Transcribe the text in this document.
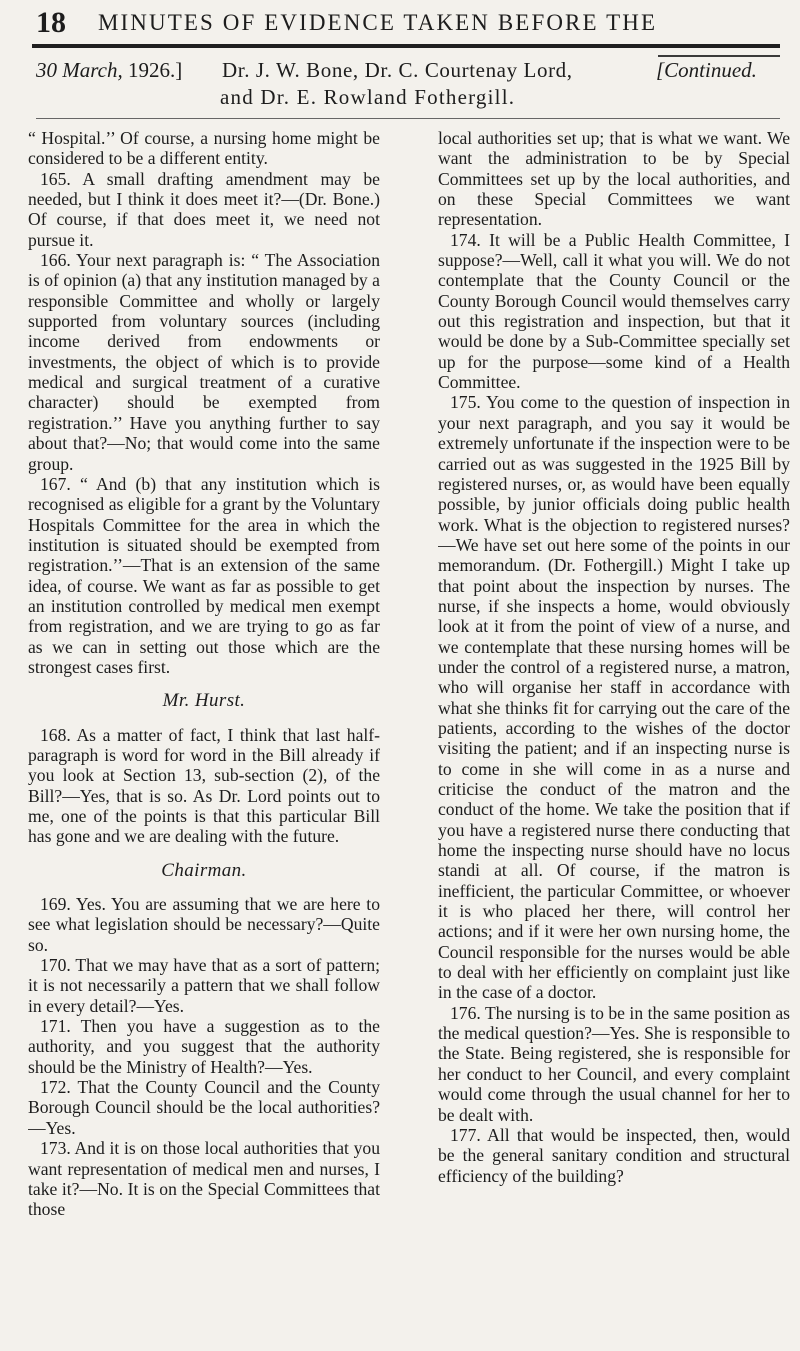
18 MINUTES OF EVIDENCE TAKEN BEFORE THE
30 March, 1926.] Dr. J. W. Bone, Dr. C. Courtenay Lord,	[Continued.
and Dr. E. Rowland Fothergill.

“ Hospital.’’ Of course, a nursing home might be considered to be a different entity.

165. A small drafting amendment may be needed, but I think it does meet it?—(Dr. Bone.) Of course, if that does meet it, we need not pursue it.

166. Your next paragraph is: “ The Association is of opinion (a) that any institution managed by a responsible Committee and wholly or largely supported from voluntary sources (including income derived from endowments or investments, the object of which is to provide medical and surgical treatment of a curative character) should be exempted from registration.’’ Have you anything further to say about that?—No; that would come into the same group.

167. “ And (b) that any institution which is recognised as eligible for a grant by the Voluntary Hospitals Committee for the area in which the institution is situated should be exempted from registration.’’—That is an extension of the same idea, of course. We want as far as possible to get an institution controlled by medical men exempt from registration, and we are trying to go as far as we can in setting out those which are the strongest cases first.

Mr. Hurst.

168. As a matter of fact, I think that last half-paragraph is word for word in the Bill already if you look at Section 13, sub-section (2), of the Bill?—Yes, that is so. As Dr. Lord points out to me, one of the points is that this particular Bill has gone and we are dealing with the future.

Chairman.

169. Yes. You are assuming that we are here to see what legislation should be necessary?—Quite so.

170. That we may have that as a sort of pattern; it is not necessarily a pattern that we shall follow in every detail?—Yes.

171. Then you have a suggestion as to the authority, and you suggest that the authority should be the Ministry of Health?—Yes.

172. That the County Council and the County Borough Council should be the local authorities?—Yes.

173. And it is on those local authorities that you want representation of medical men and nurses, I take it?—No. It is on the Special Committees that those

local authorities set up; that is what we want. We want the administration to be by Special Committees set up by the local authorities, and on these Special Committees we want representation.

174. It will be a Public Health Committee, I suppose?—Well, call it what you will. We do not contemplate that the County Council or the County Borough Council would themselves carry out this registration and inspection, but that it would be done by a Sub-Committee specially set up for the purpose—some kind of a Health Committee.

175. You come to the question of inspection in your next paragraph, and you say it would be extremely unfortunate if the inspection were to be carried out as was suggested in the 1925 Bill by registered nurses, or, as would have been equally possible, by junior officials doing public health work. What is the objection to registered nurses?—We have set out here some of the points in our memorandum. (Dr. Fothergill.) Might I take up that point about the inspection by nurses. The nurse, if she inspects a home, would obviously look at it from the point of view of a nurse, and we contemplate that these nursing homes will be under the control of a registered nurse, a matron, who will organise her staff in accordance with what she thinks fit for carrying out the care of the patients, according to the wishes of the doctor visiting the patient; and if an inspecting nurse is to come in she will come in as a nurse and criticise the conduct of the matron and the conduct of the home. We take the position that if you have a registered nurse there conducting that home the inspecting nurse should have no locus standi at all. Of course, if the matron is inefficient, the particular Committee, or whoever it is who placed her there, will control her actions; and if it were her own nursing home, the Council responsible for the nurses would be able to deal with her efficiently on complaint just like in the case of a doctor.

176. The nursing is to be in the same position as the medical question?—Yes. She is responsible to the State. Being registered, she is responsible for her conduct to her Council, and every complaint would come through the usual channel for her to be dealt with.

177. All that would be inspected, then, would be the general sanitary condition and structural efficiency of the building?
